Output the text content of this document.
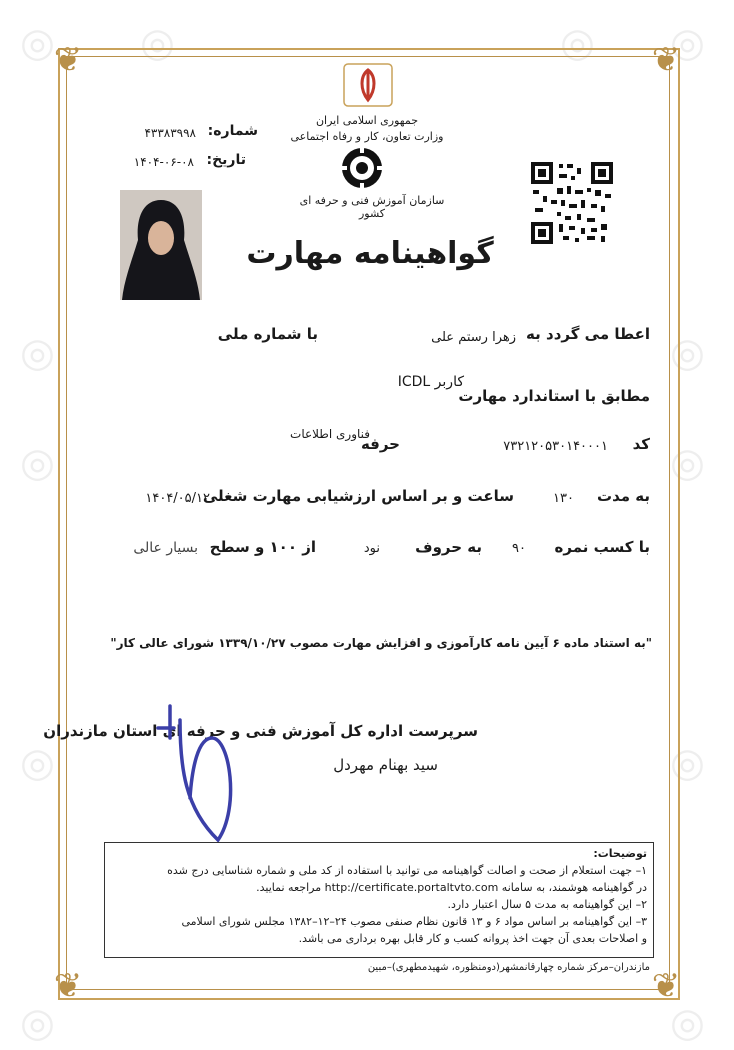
◎ ◎	◎ ◎
◎	◎
◎	◎
◎	◎
◎	◎
❦	❦
❦	❦
جمهوری اسلامی ایران
وزارت تعاون، کار و رفاه اجتماعی
سازمان آموزش فنی و حرفه ای کشور
شماره:
۴۳۳۸۳۹۹۸
تاریخ:
۱۴۰۴-۰۶-۰۸
گواهینامه مهارت
اعطا می گردد به
زهرا رستم علی
با شماره ملی
مطابق با استاندارد مهارت
کاربر ICDL
کد
۷۳۲۱۲۰۵۳۰۱۴۰۰۰۱
حرفه
فناوری اطلاعات
به مدت
۱۳۰
ساعت و بر اساس ارزشیابی مهارت شغلی
۱۴۰۴/۰۵/۱۲
با کسب نمره
۹۰
به حروف
نود
از ۱۰۰ و سطح
بسیار عالی
"به استناد ماده ۶ آیین نامه کارآموزی و افزایش مهارت مصوب ۱۳۳۹/۱۰/۲۷ شورای عالی کار"
سرپرست اداره کل آموزش فنی و حرفه ای استان مازندران
سید بهنام مهردل
توضیحات:
۱– جهت استعلام از صحت و اصالت گواهینامه می توانید با استفاده از کد ملی و شماره شناسایی درج شده
در گواهینامه هوشمند، به سامانه http://certificate.portaltvto.com مراجعه نمایید.
۲– این گواهینامه به مدت ۵ سال اعتبار دارد.
۳– این گواهینامه بر اساس مواد ۶ و ۱۳ قانون نظام صنفی مصوب ۲۴–۱۲–۱۳۸۲ مجلس شورای اسلامی
و اصلاحات بعدی آن جهت اخذ پروانه کسب و کار قابل بهره برداری می باشد.
مازندران–مرکز شماره چهارقانمشهر(دومنظوره، شهیدمطهری)–مبین
